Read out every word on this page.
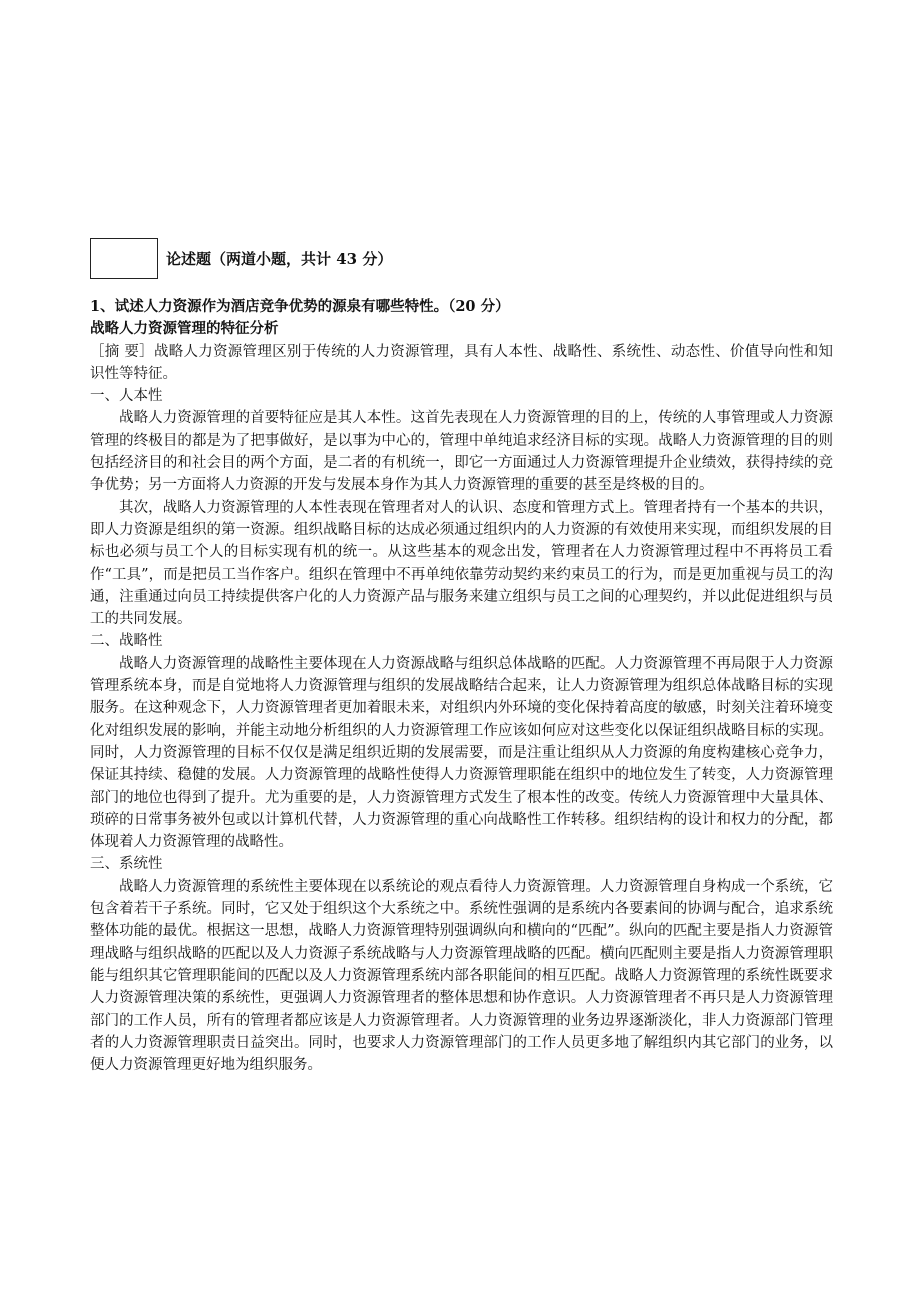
论述题（两道小题，共计 43 分）

1、试述人力资源作为酒店竞争优势的源泉有哪些特性。（20 分）

战略人力资源管理的特征分析

［摘 要］战略人力资源管理区别于传统的人力资源管理，具有人本性、战略性、系统性、动态性、价值导向性和知识性等特征。

一、人本性

战略人力资源管理的首要特征应是其人本性。这首先表现在人力资源管理的目的上，传统的人事管理或人力资源管理的终极目的都是为了把事做好，是以事为中心的，管理中单纯追求经济目标的实现。战略人力资源管理的目的则包括经济目的和社会目的两个方面，是二者的有机统一，即它一方面通过人力资源管理提升企业绩效，获得持续的竞争优势；另一方面将人力资源的开发与发展本身作为其人力资源管理的重要的甚至是终极的目的。

其次，战略人力资源管理的人本性表现在管理者对人的认识、态度和管理方式上。管理者持有一个基本的共识，即人力资源是组织的第一资源。组织战略目标的达成必须通过组织内的人力资源的有效使用来实现，而组织发展的目标也必须与员工个人的目标实现有机的统一。从这些基本的观念出发，管理者在人力资源管理过程中不再将员工看作“工具”，而是把员工当作客户。组织在管理中不再单纯依靠劳动契约来约束员工的行为，而是更加重视与员工的沟通，注重通过向员工持续提供客户化的人力资源产品与服务来建立组织与员工之间的心理契约，并以此促进组织与员工的共同发展。

二、战略性

战略人力资源管理的战略性主要体现在人力资源战略与组织总体战略的匹配。人力资源管理不再局限于人力资源管理系统本身，而是自觉地将人力资源管理与组织的发展战略结合起来，让人力资源管理为组织总体战略目标的实现服务。在这种观念下，人力资源管理者更加着眼未来，对组织内外环境的变化保持着高度的敏感，时刻关注着环境变化对组织发展的影响，并能主动地分析组织的人力资源管理工作应该如何应对这些变化以保证组织战略目标的实现。同时，人力资源管理的目标不仅仅是满足组织近期的发展需要，而是注重让组织从人力资源的角度构建核心竞争力，保证其持续、稳健的发展。人力资源管理的战略性使得人力资源管理职能在组织中的地位发生了转变，人力资源管理部门的地位也得到了提升。尤为重要的是，人力资源管理方式发生了根本性的改变。传统人力资源管理中大量具体、琐碎的日常事务被外包或以计算机代替，人力资源管理的重心向战略性工作转移。组织结构的设计和权力的分配，都体现着人力资源管理的战略性。

三、系统性

战略人力资源管理的系统性主要体现在以系统论的观点看待人力资源管理。人力资源管理自身构成一个系统，它包含着若干子系统。同时，它又处于组织这个大系统之中。系统性强调的是系统内各要素间的协调与配合，追求系统整体功能的最优。根据这一思想，战略人力资源管理特别强调纵向和横向的“匹配”。纵向的匹配主要是指人力资源管理战略与组织战略的匹配以及人力资源子系统战略与人力资源管理战略的匹配。横向匹配则主要是指人力资源管理职能与组织其它管理职能间的匹配以及人力资源管理系统内部各职能间的相互匹配。战略人力资源管理的系统性既要求人力资源管理决策的系统性，更强调人力资源管理者的整体思想和协作意识。人力资源管理者不再只是人力资源管理部门的工作人员，所有的管理者都应该是人力资源管理者。人力资源管理的业务边界逐渐淡化，非人力资源部门管理者的人力资源管理职责日益突出。同时，也要求人力资源管理部门的工作人员更多地了解组织内其它部门的业务，以便人力资源管理更好地为组织服务。
